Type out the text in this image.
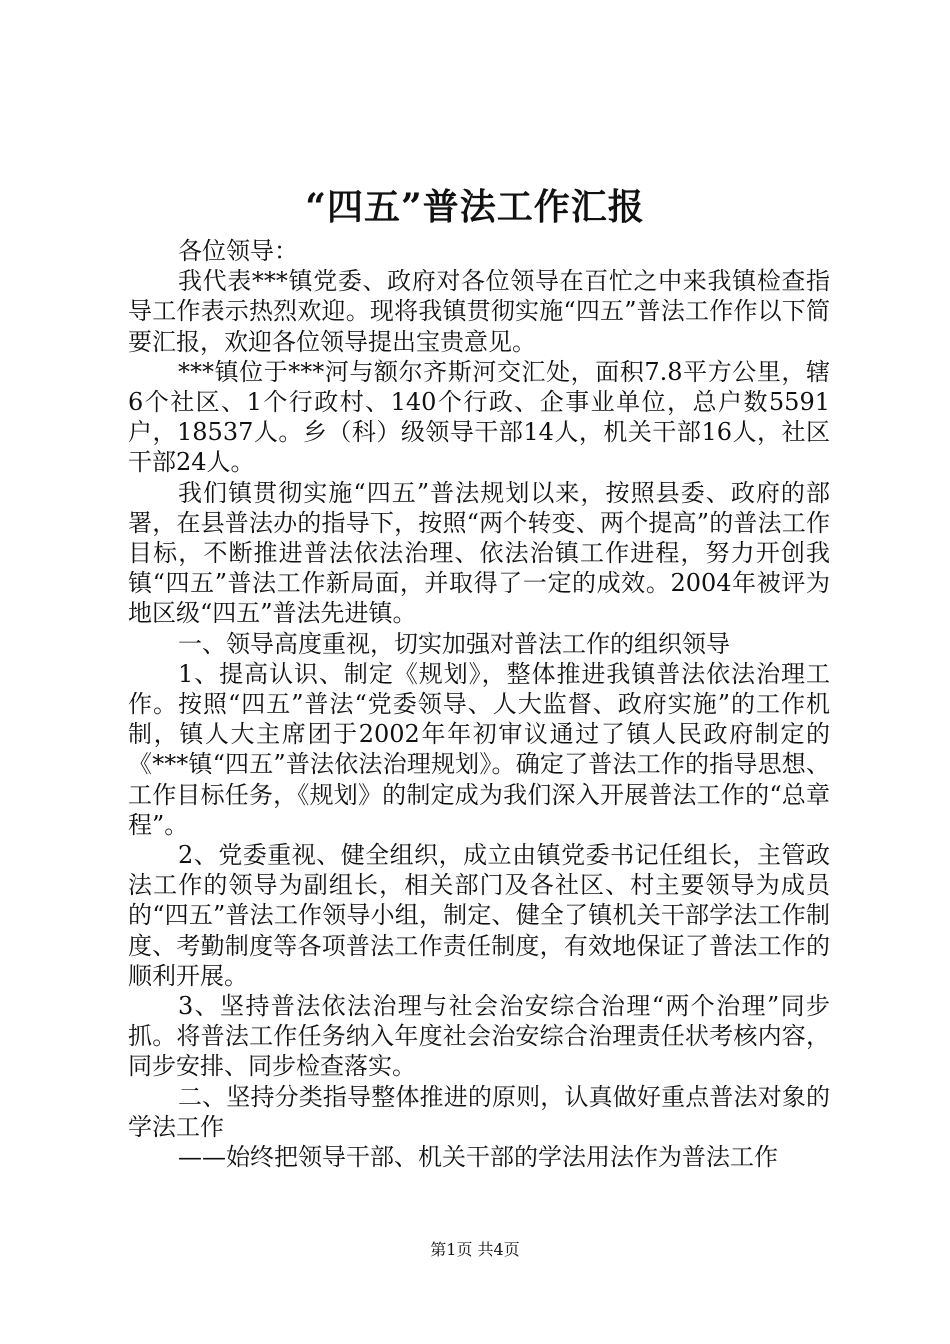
“四五”普法工作汇报

各位领导：

我代表***镇党委、政府对各位领导在百忙之中来我镇检查指导工作表示热烈欢迎。现将我镇贯彻实施“四五”普法工作作以下简要汇报，欢迎各位领导提出宝贵意见。

***镇位于***河与额尔齐斯河交汇处，面积7.8平方公里，辖6个社区、1个行政村、140个行政、企事业单位，总户数5591户，18537人。乡（科）级领导干部14人，机关干部16人，社区干部24人。

我们镇贯彻实施“四五”普法规划以来，按照县委、政府的部署，在县普法办的指导下，按照“两个转变、两个提高”的普法工作目标，不断推进普法依法治理、依法治镇工作进程，努力开创我镇“四五”普法工作新局面，并取得了一定的成效。2004年被评为地区级“四五”普法先进镇。

一、领导高度重视，切实加强对普法工作的组织领导

1、提高认识、制定《规划》，整体推进我镇普法依法治理工作。按照“四五”普法“党委领导、人大监督、政府实施”的工作机制，镇人大主席团于2002年年初审议通过了镇人民政府制定的《***镇“四五”普法依法治理规划》。确定了普法工作的指导思想、工作目标任务，《规划》的制定成为我们深入开展普法工作的“总章程”。

2、党委重视、健全组织，成立由镇党委书记任组长，主管政法工作的领导为副组长，相关部门及各社区、村主要领导为成员的“四五”普法工作领导小组，制定、健全了镇机关干部学法工作制度、考勤制度等各项普法工作责任制度，有效地保证了普法工作的顺利开展。

3、坚持普法依法治理与社会治安综合治理“两个治理”同步抓。将普法工作任务纳入年度社会治安综合治理责任状考核内容，同步安排、同步检查落实。

二、坚持分类指导整体推进的原则，认真做好重点普法对象的学法工作

——始终把领导干部、机关干部的学法用法作为普法工作

第1页 共4页
